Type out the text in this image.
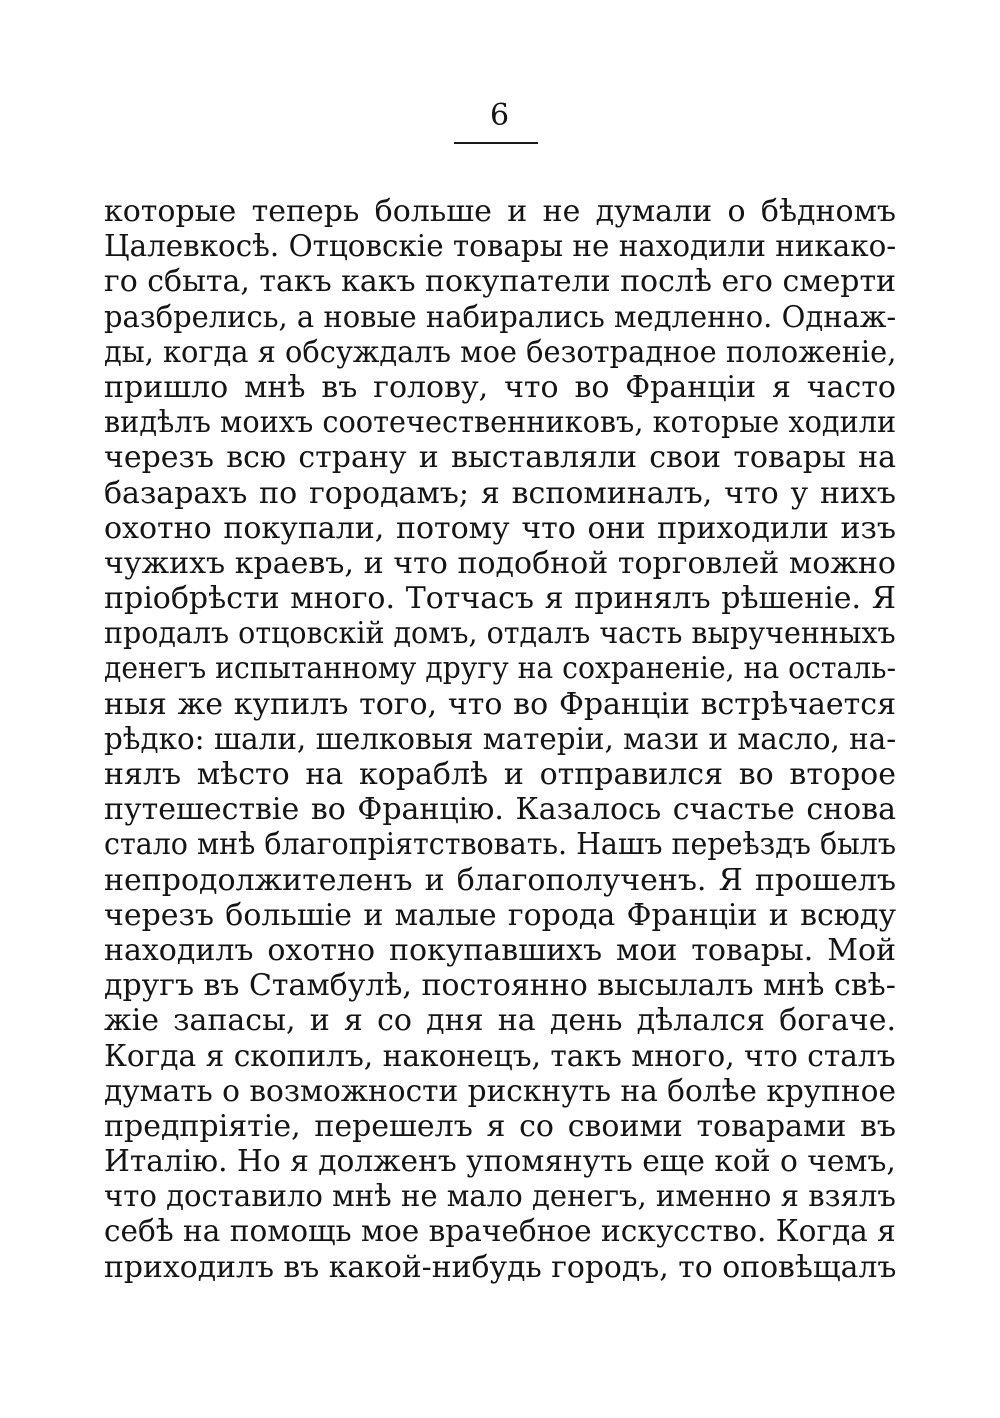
6
которые теперь больше и не думали о бѣдномъ
Цалевкосѣ. Отцовскіе товары не находили никако-
го сбыта, такъ какъ покупатели послѣ его смерти
разбрелись, а новые набирались медленно. Однаж-
ды, когда я обсуждалъ мое безотрадное положеніе,
пришло мнѣ въ голову, что во Франціи я часто
видѣлъ моихъ соотечественниковъ, которые ходили
черезъ всю страну и выставляли свои товары на
базарахъ по городамъ; я вспоминалъ, что у нихъ
охотно покупали, потому что они приходили изъ
чужихъ краевъ, и что подобной торговлей можно
пріобрѣсти много. Тотчасъ я принялъ рѣшеніе. Я
продалъ отцовскій домъ, отдалъ часть вырученныхъ
денегъ испытанному другу на сохраненіе, на осталь-
ныя же купилъ того, что во Франціи встрѣчается
рѣдко: шали, шелковыя матеріи, мази и масло, на-
нялъ мѣсто на кораблѣ и отправился во второе
путешествіе во Францію. Казалось счастье снова
стало мнѣ благопріятствовать. Нашъ переѣздъ былъ
непродолжителенъ и благополученъ. Я прошелъ
черезъ большіе и малые города Франціи и всюду
находилъ охотно покупавшихъ мои товары. Мой
другъ въ Стамбулѣ, постоянно высылалъ мнѣ свѣ-
жіе запасы, и я со дня на день дѣлался богаче.
Когда я скопилъ, наконецъ, такъ много, что сталъ
думать о возможности рискнуть на болѣе крупное
предпріятіе, перешелъ я со своими товарами въ
Италію. Но я долженъ упомянуть еще кой о чемъ,
что доставило мнѣ не мало денегъ, именно я взялъ
себѣ на помощь мое врачебное искусство. Когда я
приходилъ въ какой-нибудь городъ, то оповѣщалъ
